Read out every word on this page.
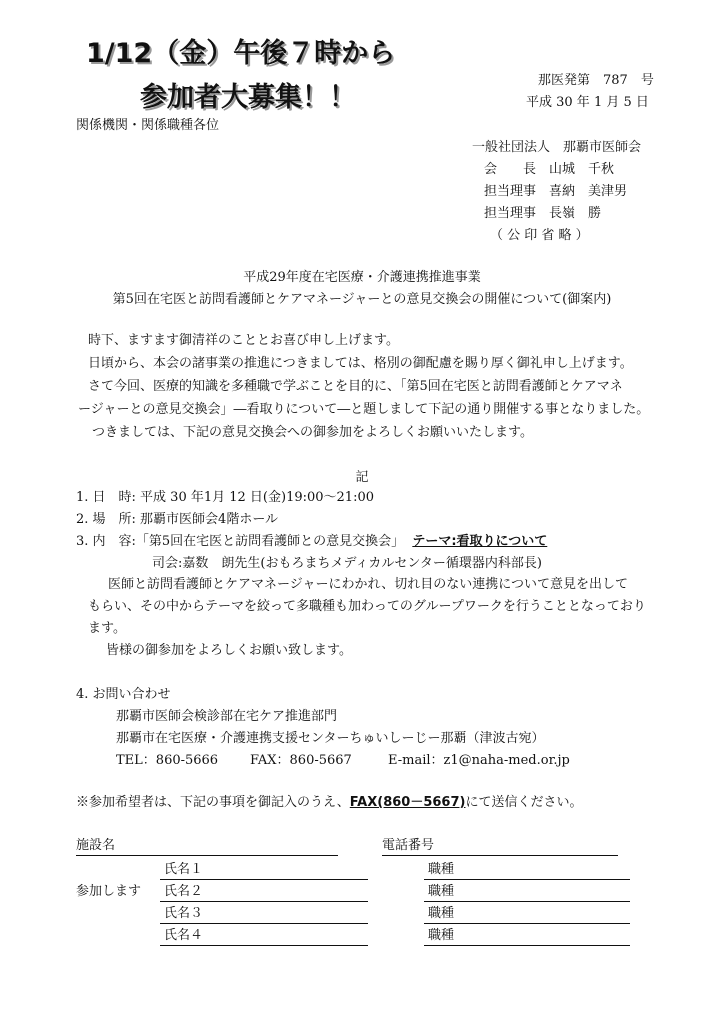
1/12（金）午後７時から
参加者大募集！！
那医発第　787　号
平成 30 年 1 月 5 日
関係機関・関係職種各位
一般社団法人　那覇市医師会
会　　長　山城　千秋
担当理事　喜納　美津男
担当理事　長嶺　勝
（ 公 印 省 略 ）
平成29年度在宅医療・介護連携推進事業
第5回在宅医と訪問看護師とケアマネージャーとの意見交換会の開催について(御案内)
時下、ますます御清祥のこととお喜び申し上げます。
日頃から、本会の諸事業の推進につきましては、格別の御配慮を賜り厚く御礼申し上げます。
さて今回、医療的知識を多種職で学ぶことを目的に、「第5回在宅医と訪問看護師とケアマネ
ージャーとの意見交換会」―看取りについて―と題しまして下記の通り開催する事となりました。
つきましては、下記の意見交換会への御参加をよろしくお願いいたします。
記
1. 日　時: 平成 30 年1月 12 日(金)19:00～21:00
2. 場　所: 那覇市医師会4階ホール
3. 内　容:「第5回在宅医と訪問看護師との意見交換会」 テーマ:看取りについて
司会:嘉数　朗先生(おもろまちメディカルセンター循環器内科部長)
医師と訪問看護師とケアマネージャーにわかれ、切れ目のない連携について意見を出して
もらい、その中からテーマを絞って多職種も加わってのグループワークを行うこととなっており
ます。
皆様の御参加をよろしくお願い致します。
4. お問い合わせ
那覇市医師会検診部在宅ケア推進部門
那覇市在宅医療・介護連携支援センターちゅいしーじー那覇（津波古宛）
TEL：860-5666 FAX：860-5667	E-mail：z1@naha-med.or.jp
※参加希望者は、下記の事項を御記入のうえ、FAX(860－5667)にて送信ください。
施設名	電話番号
参加します
氏名１	職種
氏名２	職種
氏名３	職種
氏名４	職種
